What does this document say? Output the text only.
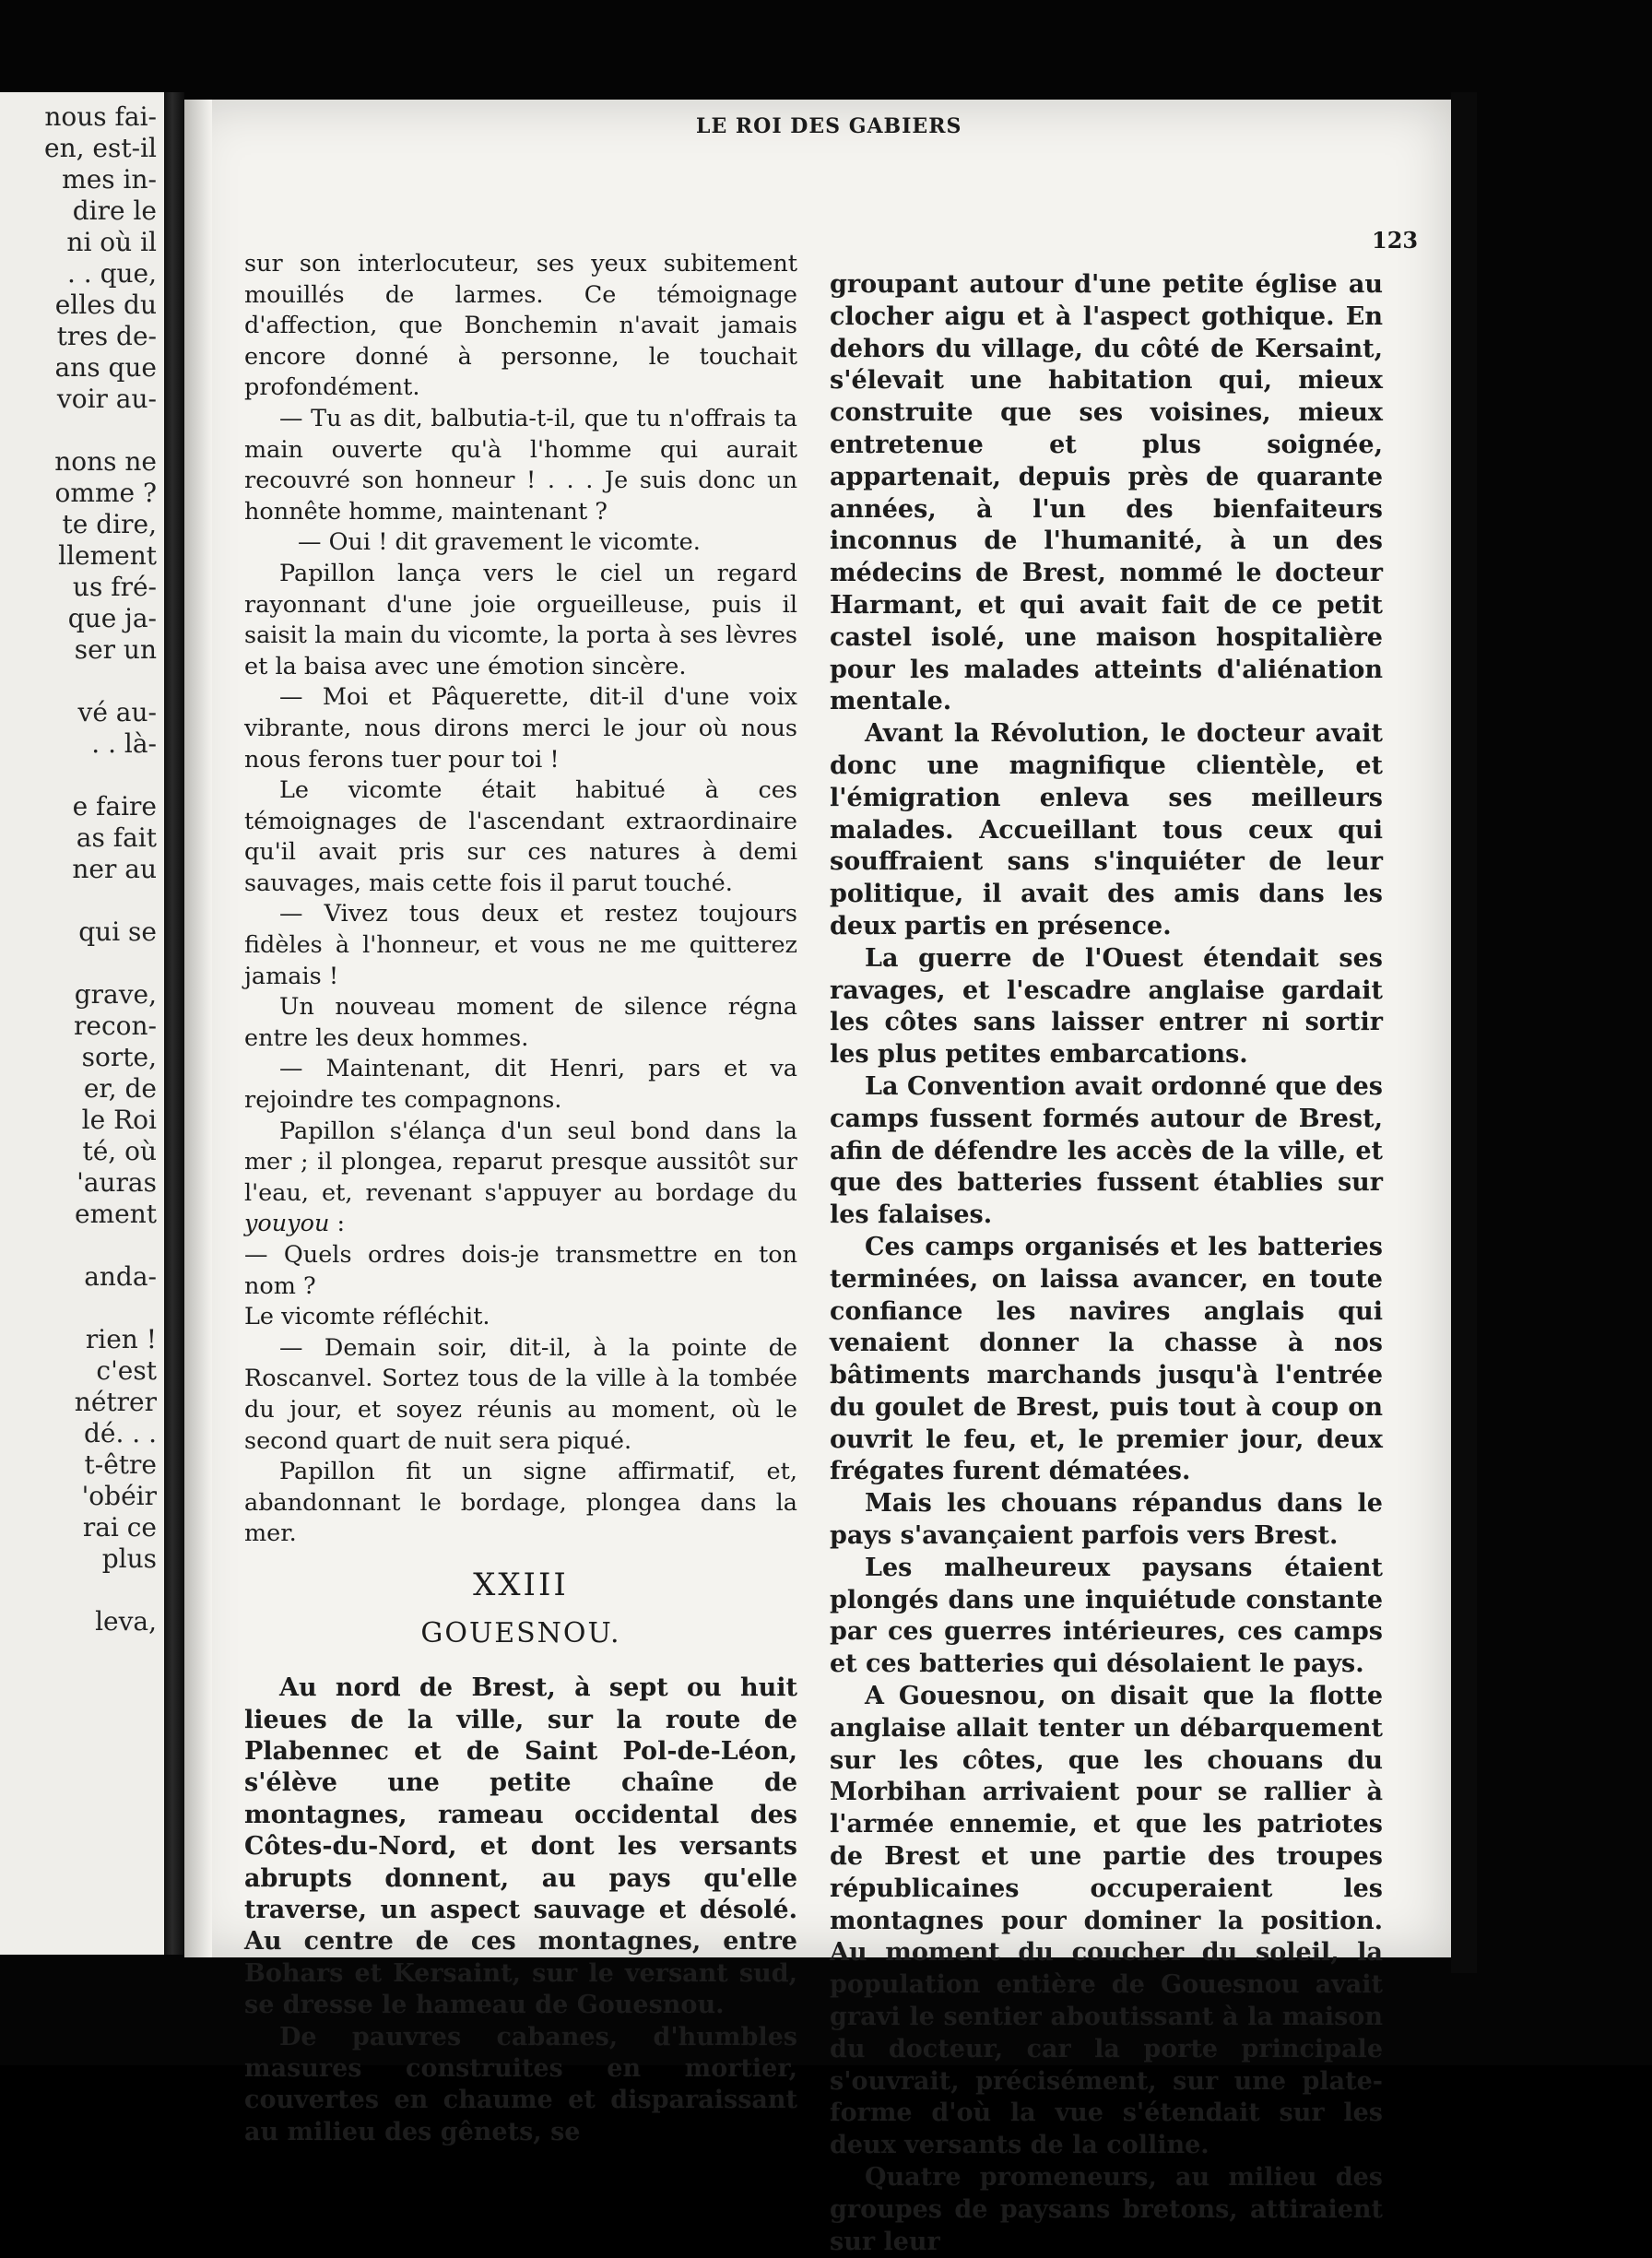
nous fai-
en, est-il
mes in-
dire le
ni où il
. . que,
elles du
tres de-
ans que
voir au-
nons ne
omme ?
te dire,
llement
us fré-
que ja-
ser un
vé au-
. . là-
e faire
as fait
ner au
qui se
grave,
recon-
sorte,
er, de
le Roi
té, où
'auras
ement
anda-
rien !
c'est
nétrer
dé. . .
t-être
'obéir
rai ce
plus
leva,
LE ROI DES GABIERS
123

sur son interlocuteur, ses yeux subitement mouillés de larmes. Ce témoignage d'affection, que Bonchemin n'avait jamais encore donné à personne, le touchait profondément.

— Tu as dit, balbutia-t-il, que tu n'offrais ta main ouverte qu'à l'homme qui aurait recouvré son honneur ! . . . Je suis donc un honnête homme, maintenant ?

— Oui ! dit gravement le vicomte.

Papillon lança vers le ciel un regard rayonnant d'une joie orgueilleuse, puis il saisit la main du vicomte, la porta à ses lèvres et la baisa avec une émotion sincère.

— Moi et Pâquerette, dit-il d'une voix vibrante, nous dirons merci le jour où nous nous ferons tuer pour toi !

Le vicomte était habitué à ces témoignages de l'ascendant extraordinaire qu'il avait pris sur ces natures à demi sauvages, mais cette fois il parut touché.

— Vivez tous deux et restez toujours fidèles à l'honneur, et vous ne me quitterez jamais !

Un nouveau moment de silence régna entre les deux hommes.

— Maintenant, dit Henri, pars et va rejoindre tes compagnons.

Papillon s'élança d'un seul bond dans la mer ; il plongea, reparut presque aussitôt sur l'eau, et, revenant s'appuyer au bordage du youyou :

— Quels ordres dois-je transmettre en ton nom ?

Le vicomte réfléchit.

— Demain soir, dit-il, à la pointe de Roscanvel. Sortez tous de la ville à la tombée du jour, et soyez réunis au moment, où le second quart de nuit sera piqué.

Papillon fit un signe affirmatif, et, abandonnant le bordage, plongea dans la mer.

XXIII
GOUESNOU.

Au nord de Brest, à sept ou huit lieues de la ville, sur la route de Plabennec et de Saint Pol-de-Léon, s'élève une petite chaîne de montagnes, rameau occidental des Côtes-du-Nord, et dont les versants abrupts donnent, au pays qu'elle traverse, un aspect sauvage et désolé. Au centre de ces montagnes, entre Bohars et Kersaint, sur le versant sud, se dresse le hameau de Gouesnou.

De pauvres cabanes, d'humbles masures construites en mortier, couvertes en chaume et disparaissant au milieu des gênets, se

groupant autour d'une petite église au clocher aigu et à l'aspect gothique. En dehors du village, du côté de Kersaint, s'élevait une habitation qui, mieux construite que ses voisines, mieux entretenue et plus soignée, appartenait, depuis près de quarante années, à l'un des bienfaiteurs inconnus de l'humanité, à un des médecins de Brest, nommé le docteur Harmant, et qui avait fait de ce petit castel isolé, une maison hospitalière pour les malades atteints d'aliénation mentale.

Avant la Révolution, le docteur avait donc une magnifique clientèle, et l'émigration enleva ses meilleurs malades. Accueillant tous ceux qui souffraient sans s'inquiéter de leur politique, il avait des amis dans les deux partis en présence.

La guerre de l'Ouest étendait ses ravages, et l'escadre anglaise gardait les côtes sans laisser entrer ni sortir les plus petites embarcations.

La Convention avait ordonné que des camps fussent formés autour de Brest, afin de défendre les accès de la ville, et que des batteries fussent établies sur les falaises.

Ces camps organisés et les batteries terminées, on laissa avancer, en toute confiance les navires anglais qui venaient donner la chasse à nos bâtiments marchands jusqu'à l'entrée du goulet de Brest, puis tout à coup on ouvrit le feu, et, le premier jour, deux frégates furent dématées.

Mais les chouans répandus dans le pays s'avançaient parfois vers Brest.

Les malheureux paysans étaient plongés dans une inquiétude constante par ces guerres intérieures, ces camps et ces batteries qui désolaient le pays.

A Gouesnou, on disait que la flotte anglaise allait tenter un débarquement sur les côtes, que les chouans du Morbihan arrivaient pour se rallier à l'armée ennemie, et que les patriotes de Brest et une partie des troupes républicaines occuperaient les montagnes pour dominer la position. Au moment du coucher du soleil, la population entière de Gouesnou avait gravi le sentier aboutissant à la maison du docteur, car la porte principale s'ouvrait, précisément, sur une plate-forme d'où la vue s'étendait sur les deux versants de la colline.

Quatre promeneurs, au milieu des groupes de paysans bretons, attiraient sur leur
